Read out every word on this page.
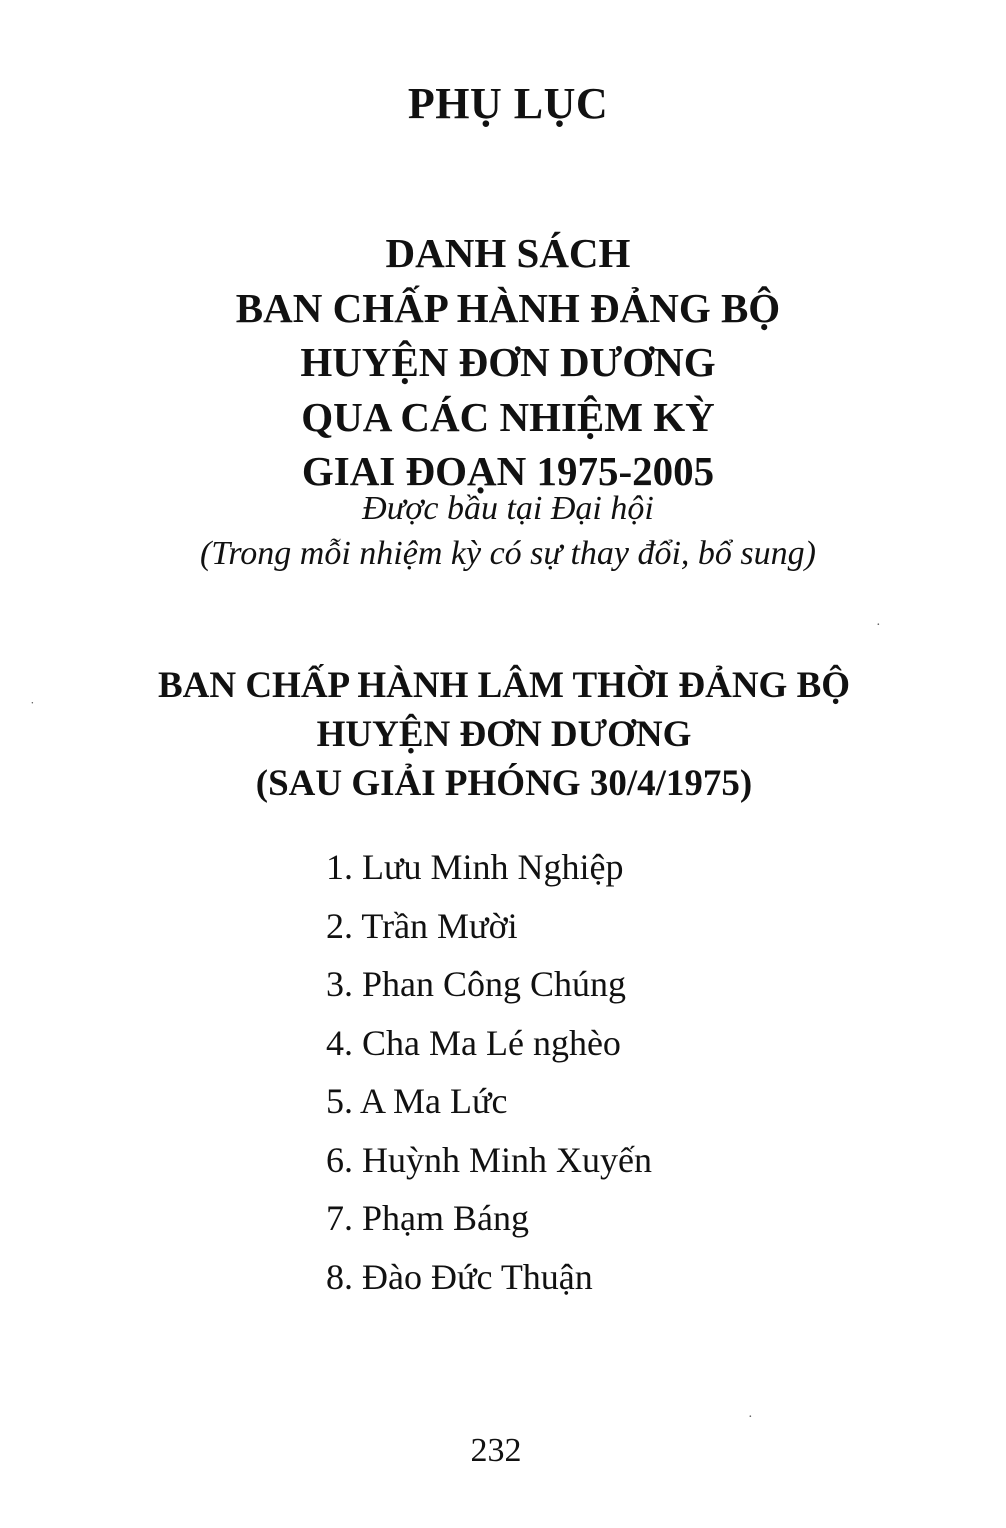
PHỤ LỤC
DANH SÁCH
BAN CHẤP HÀNH ĐẢNG BỘ
HUYỆN ĐƠN DƯƠNG
QUA CÁC NHIỆM KỲ
GIAI ĐOẠN 1975-2005
Được bầu tại Đại hội
(Trong mỗi nhiệm kỳ có sự thay đổi, bổ sung)
BAN CHẤP HÀNH LÂM THỜI ĐẢNG BỘ
HUYỆN ĐƠN DƯƠNG
(SAU GIẢI PHÓNG 30/4/1975)
1. Lưu Minh Nghiệp
2. Trần Mười
3. Phan Công Chúng
4. Cha Ma Lé nghèo
5. A Ma Lức
6. Huỳnh Minh Xuyến
7. Phạm Báng
8. Đào Đức Thuận
232
˙
·
·
